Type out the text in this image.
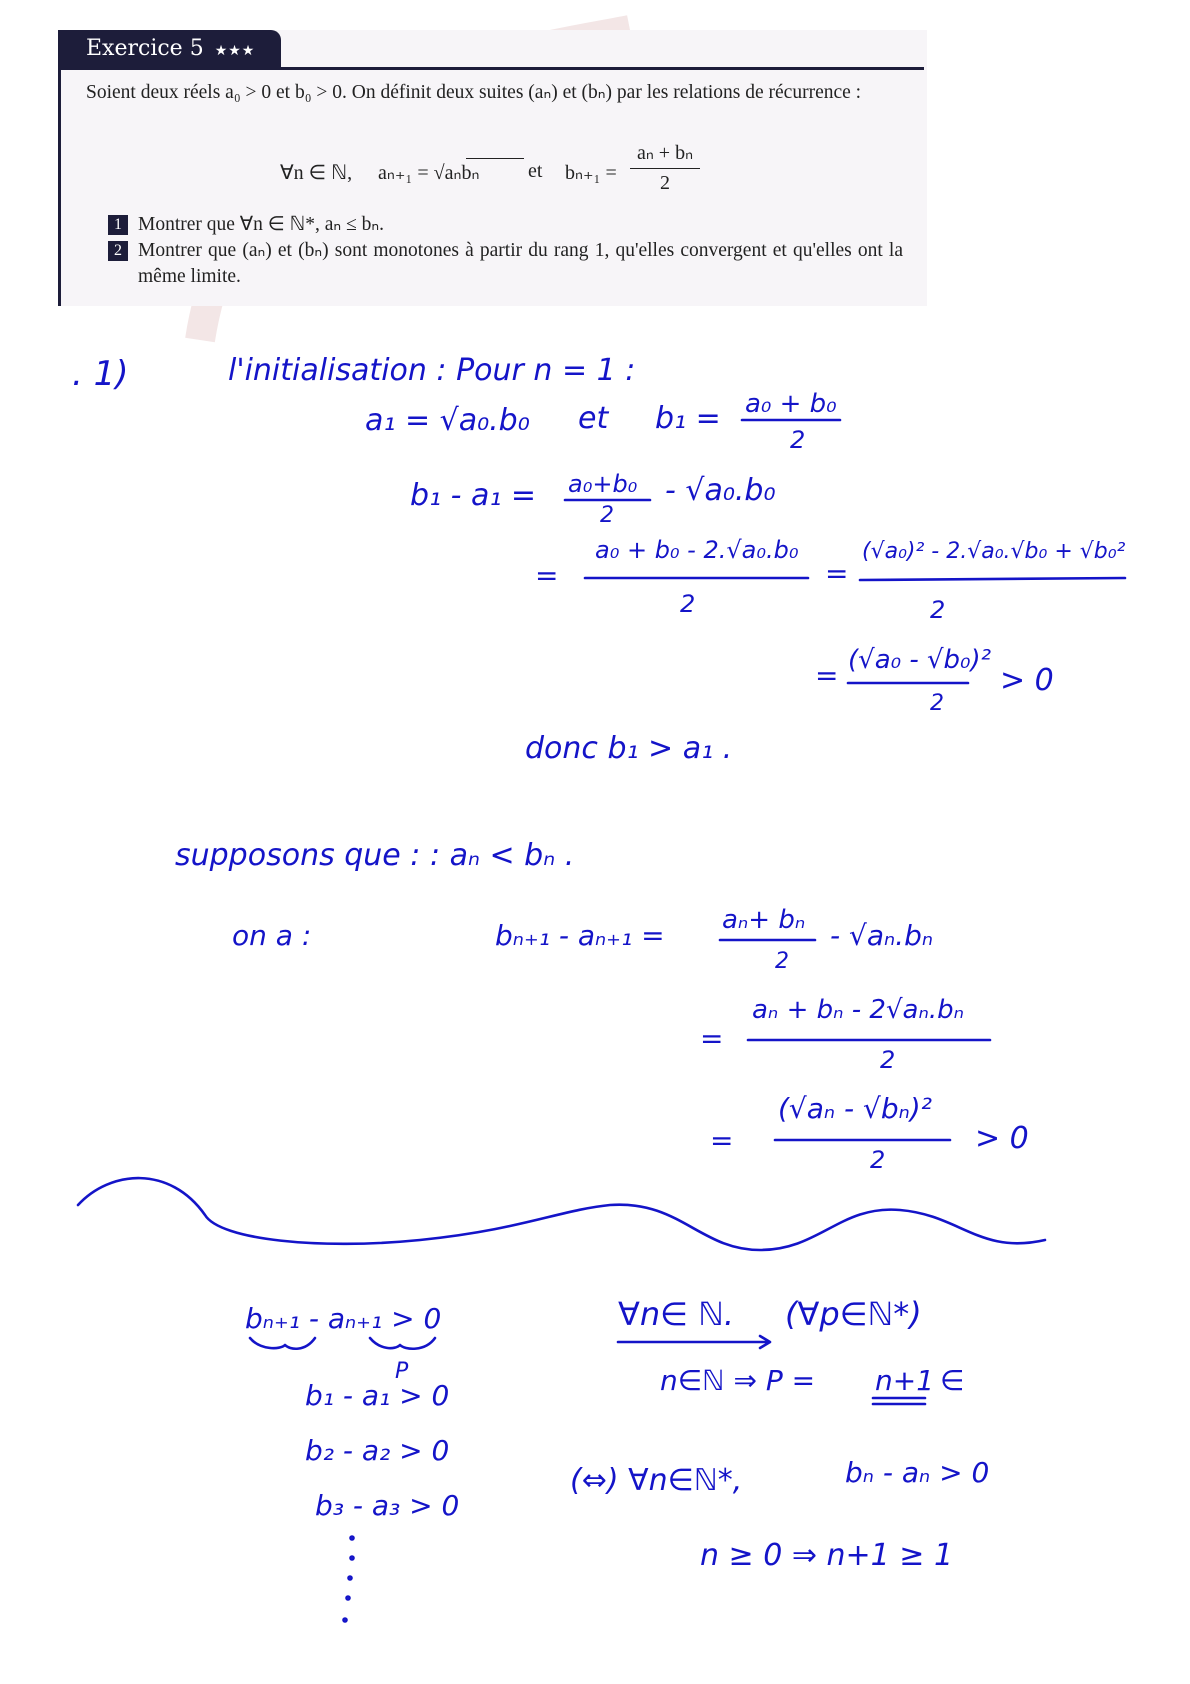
Exercice 5 ★★★
Soient deux réels a₀ > 0 et b₀ > 0. On définit deux suites (aₙ) et (bₙ) par les relations de récurrence :
∀n ∈ ℕ, aₙ₊₁ = √aₙbₙ et $b_{n+1} = \frac{\text{aₙ + bₙ}}{2}$
1 Montrer que ∀n ∈ ℕ*, aₙ ≤ bₙ.
2 Montrer que (aₙ) et (bₙ) sont monotones à partir du rang 1, qu'elles convergent et qu'elles ont la même limite.
. 1)	l'initialisation : Pour n = 1 :
a₁ = √a₀.b₀ et b₁ = a₀ + b₀
2
b₁ - a₁ = a₀+b₀
2
- √a₀.b₀
=
a₀ + b₀ - 2.√a₀.b₀
2
=
(√a₀)² - 2.√a₀.√b₀ + √b₀²
2
= (√a₀ - √b₀)²
2
> 0
donc b₁ > a₁ .
supposons que : : aₙ < bₙ .
on a :	bₙ₊₁ - aₙ₊₁ = aₙ+ bₙ
2
- √aₙ.bₙ
=
aₙ + bₙ - 2√aₙ.bₙ
2
=
(√aₙ - √bₙ)²
2
> 0
bₙ₊₁ - aₙ₊₁ > 0
P
b₁ - a₁ > 0
b₂ - a₂ > 0
b₃ - a₃ > 0
∀n∈ ℕ. (∀p∈ℕ*)
n∈ℕ ⇒ P = n+1 ∈
(⇔) ∀n∈ℕ*,	bₙ - aₙ > 0
n ≥ 0 ⇒ n+1 ≥ 1
